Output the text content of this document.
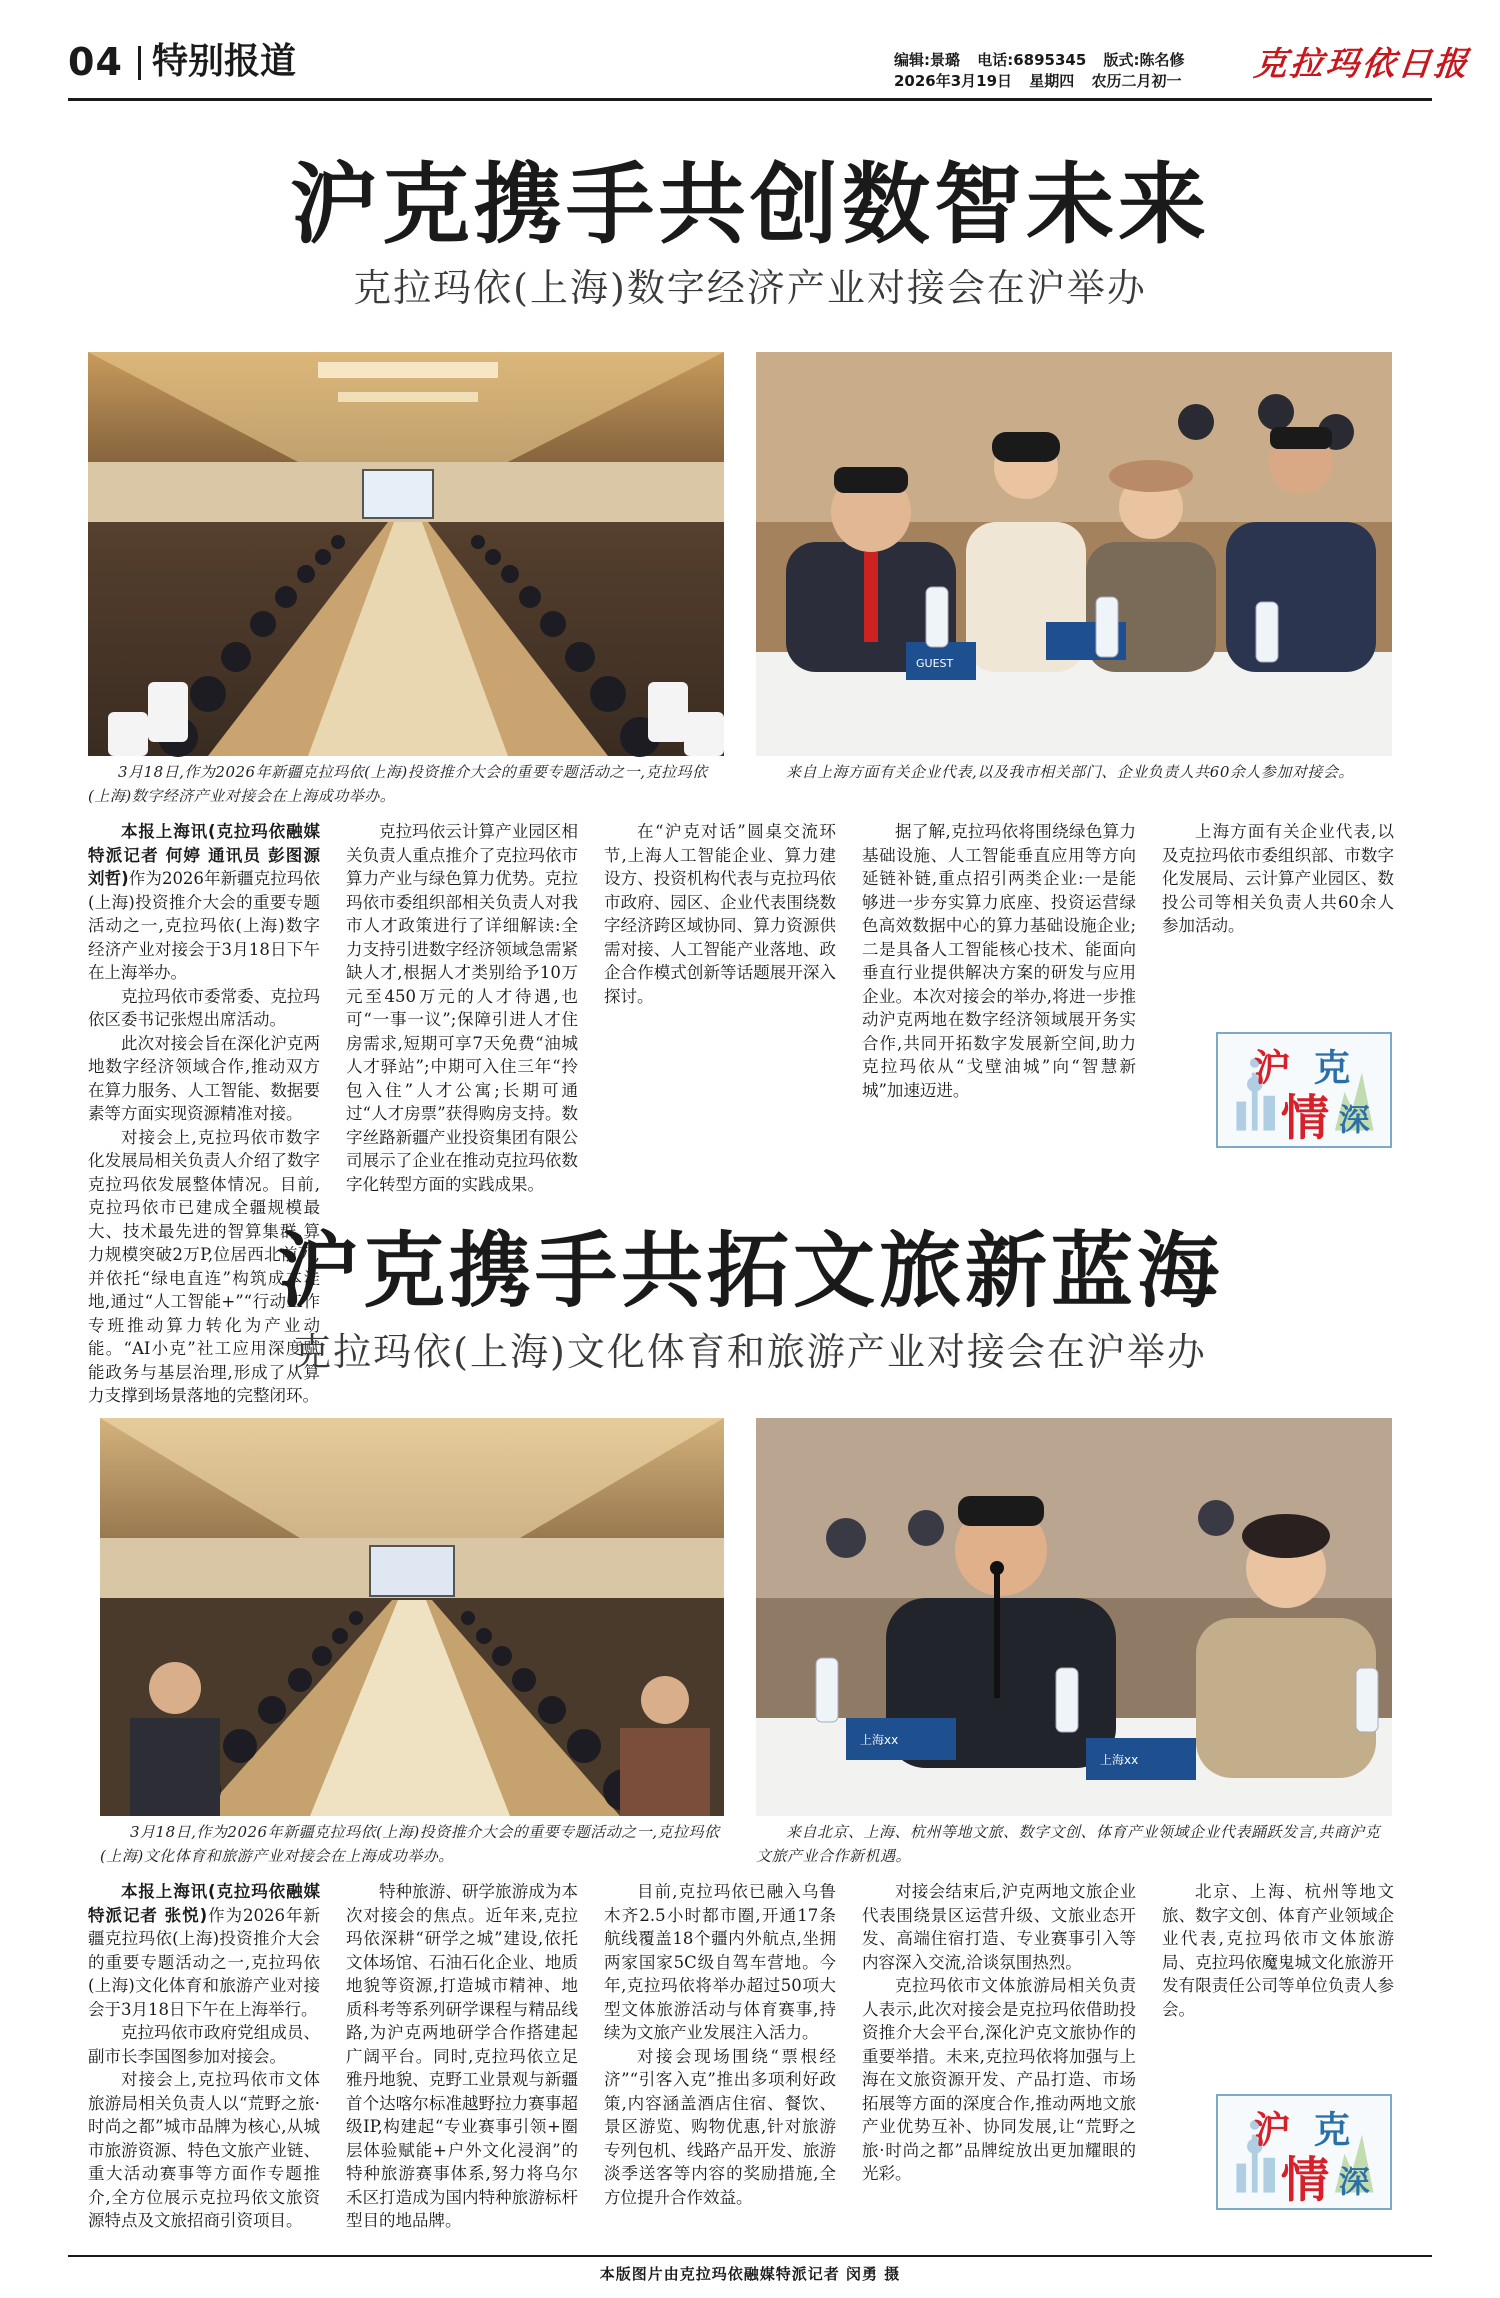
04 特别报道	编辑:景璐 电话:6895345 版式:陈名修
2026年3月19日 星期四 农历二月初一	克拉玛依日报
沪克携手共创数智未来
克拉玛依(上海)数字经济产业对接会在沪举办
GUEST
3月18日,作为2026年新疆克拉玛依(上海)投资推介大会的重要专题活动之一,克拉玛依(上海)数字经济产业对接会在上海成功举办。
来自上海方面有关企业代表,以及我市相关部门、企业负责人共60余人参加对接会。

本报上海讯(克拉玛依融媒特派记者 何婷 通讯员 彭图源 刘哲)作为2026年新疆克拉玛依(上海)投资推介大会的重要专题活动之一,克拉玛依(上海)数字经济产业对接会于3月18日下午在上海举办。

克拉玛依市委常委、克拉玛依区委书记张煜出席活动。

此次对接会旨在深化沪克两地数字经济领域合作,推动双方在算力服务、人工智能、数据要素等方面实现资源精准对接。

对接会上,克拉玛依市数字化发展局相关负责人介绍了数字克拉玛依发展整体情况。目前,克拉玛依市已建成全疆规模最大、技术最先进的智算集群,算力规模突破2万P,位居西北前列,并依托“绿电直连”构筑成本洼地,通过“人工智能+”“行动工作专班推动算力转化为产业动能。“AI小克”社工应用深度赋能政务与基层治理,形成了从算力支撑到场景落地的完整闭环。

克拉玛依云计算产业园区相关负责人重点推介了克拉玛依市算力产业与绿色算力优势。克拉玛依市委组织部相关负责人对我市人才政策进行了详细解读:全力支持引进数字经济领域急需紧缺人才,根据人才类别给予10万元至450万元的人才待遇,也可“一事一议”;保障引进人才住房需求,短期可享7天免费“油城人才驿站”;中期可入住三年“拎包入住”人才公寓;长期可通过“人才房票”获得购房支持。数字丝路新疆产业投资集团有限公司展示了企业在推动克拉玛依数字化转型方面的实践成果。

在“沪克对话”圆桌交流环节,上海人工智能企业、算力建设方、投资机构代表与克拉玛依市政府、园区、企业代表围绕数字经济跨区域协同、算力资源供需对接、人工智能产业落地、政企合作模式创新等话题展开深入探讨。

据了解,克拉玛依将围绕绿色算力基础设施、人工智能垂直应用等方向延链补链,重点招引两类企业:一是能够进一步夯实算力底座、投资运营绿色高效数据中心的算力基础设施企业;二是具备人工智能核心技术、能面向垂直行业提供解决方案的研发与应用企业。本次对接会的举办,将进一步推动沪克两地在数字经济领域展开务实合作,共同开拓数字发展新空间,助力克拉玛依从“戈壁油城”向“智慧新城”加速迈进。

上海方面有关企业代表,以及克拉玛依市委组织部、市数字化发展局、云计算产业园区、数投公司等相关负责人共60余人参加活动。

沪 克
情 深
沪克携手共拓文旅新蓝海
克拉玛依(上海)文化体育和旅游产业对接会在沪举办
上海xx
上海xx
3月18日,作为2026年新疆克拉玛依(上海)投资推介大会的重要专题活动之一,克拉玛依(上海)文化体育和旅游产业对接会在上海成功举办。
来自北京、上海、杭州等地文旅、数字文创、体育产业领域企业代表踊跃发言,共商沪克文旅产业合作新机遇。

本报上海讯(克拉玛依融媒特派记者 张悦)作为2026年新疆克拉玛依(上海)投资推介大会的重要专题活动之一,克拉玛依(上海)文化体育和旅游产业对接会于3月18日下午在上海举行。

克拉玛依市政府党组成员、副市长李国图参加对接会。

对接会上,克拉玛依市文体旅游局相关负责人以“荒野之旅·时尚之都”城市品牌为核心,从城市旅游资源、特色文旅产业链、重大活动赛事等方面作专题推介,全方位展示克拉玛依文旅资源特点及文旅招商引资项目。

特种旅游、研学旅游成为本次对接会的焦点。近年来,克拉玛依深耕“研学之城”建设,依托文体场馆、石油石化企业、地质地貌等资源,打造城市精神、地质科考等系列研学课程与精品线路,为沪克两地研学合作搭建起广阔平台。同时,克拉玛依立足雅丹地貌、克野工业景观与新疆首个达喀尔标准越野拉力赛事超级IP,构建起“专业赛事引领+圈层体验赋能+户外文化浸润”的特种旅游赛事体系,努力将乌尔禾区打造成为国内特种旅游标杆型目的地品牌。

目前,克拉玛依已融入乌鲁木齐2.5小时都市圈,开通17条航线覆盖18个疆内外航点,坐拥两家国家5C级自驾车营地。今年,克拉玛依将举办超过50项大型文体旅游活动与体育赛事,持续为文旅产业发展注入活力。

对接会现场围绕“票根经济”“引客入克”推出多项利好政策,内容涵盖酒店住宿、餐饮、景区游览、购物优惠,针对旅游专列包机、线路产品开发、旅游淡季送客等内容的奖励措施,全方位提升合作效益。

对接会结束后,沪克两地文旅企业代表围绕景区运营升级、文旅业态开发、高端住宿打造、专业赛事引入等内容深入交流,洽谈氛围热烈。

克拉玛依市文体旅游局相关负责人表示,此次对接会是克拉玛依借助投资推介大会平台,深化沪克文旅协作的重要举措。未来,克拉玛依将加强与上海在文旅资源开发、产品打造、市场拓展等方面的深度合作,推动两地文旅产业优势互补、协同发展,让“荒野之旅·时尚之都”品牌绽放出更加耀眼的光彩。

北京、上海、杭州等地文旅、数字文创、体育产业领域企业代表,克拉玛依市文体旅游局、克拉玛依魔鬼城文化旅游开发有限责任公司等单位负责人参会。

沪 克
情 深
本版图片由克拉玛依融媒特派记者 闵勇 摄
